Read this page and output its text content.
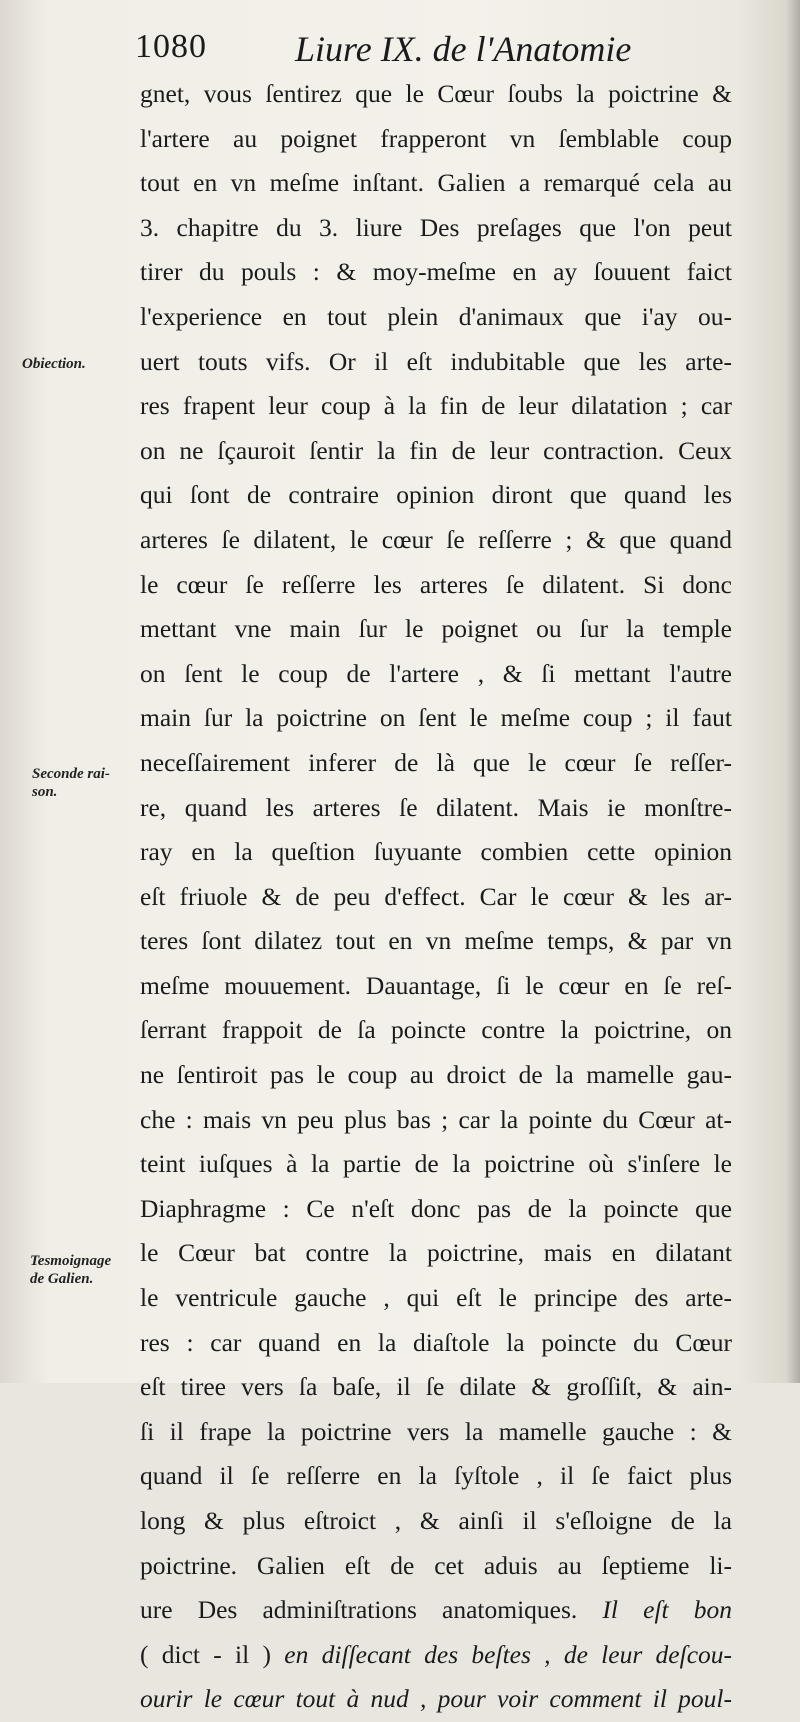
1080 Liure IX. de l'Anatomie
Obiection.
Seconde rai-
son.
Tesmoignage
de Galien.
gnet, vous ſentirez que le Cœur ſoubs la poictrine &
l'artere au poignet frapperont vn ſemblable coup
tout en vn meſme inſtant. Galien a remarqué cela au
3. chapitre du 3. liure Des preſages que l'on peut
tirer du pouls : & moy-meſme en ay ſouuent faict
l'experience en tout plein d'animaux que i'ay ou-
uert touts vifs. Or il eſt indubitable que les arte-
res frapent leur coup à la fin de leur dilatation ; car
on ne ſçauroit ſentir la fin de leur contraction. Ceux
qui ſont de contraire opinion diront que quand les
arteres ſe dilatent, le cœur ſe reſſerre ; & que quand
le cœur ſe reſſerre les arteres ſe dilatent. Si donc
mettant vne main ſur le poignet ou ſur la temple
on ſent le coup de l'artere , & ſi mettant l'autre
main ſur la poictrine on ſent le meſme coup ; il faut
neceſſairement inferer de là que le cœur ſe reſſer-
re, quand les arteres ſe dilatent. Mais ie monſtre-
ray en la queſtion ſuyuante combien cette opinion
eſt friuole & de peu d'effect. Car le cœur & les ar-
teres ſont dilatez tout en vn meſme temps, & par vn
meſme mouuement. Dauantage, ſi le cœur en ſe reſ-
ſerrant frappoit de ſa poincte contre la poictrine, on
ne ſentiroit pas le coup au droict de la mamelle gau-
che : mais vn peu plus bas ; car la pointe du Cœur at-
teint iuſques à la partie de la poictrine où s'inſere le
Diaphragme : Ce n'eſt donc pas de la poincte que
le Cœur bat contre la poictrine, mais en dilatant
le ventricule gauche , qui eſt le principe des arte-
res : car quand en la diaſtole la poincte du Cœur
eſt tiree vers ſa baſe, il ſe dilate & groſſiſt, & ain-
ſi il frape la poictrine vers la mamelle gauche : &
quand il ſe reſſerre en la ſyſtole , il ſe faict plus
long & plus eſtroict , & ainſi il s'eſloigne de la
poictrine. Galien eſt de cet aduis au ſeptieme li-
ure Des adminiſtrations anatomiques. Il eſt bon
( dict - il ) en diſſecant des beſtes , de leur deſcou-
ourir le cœur tout à nud , pour voir comment il poul-
